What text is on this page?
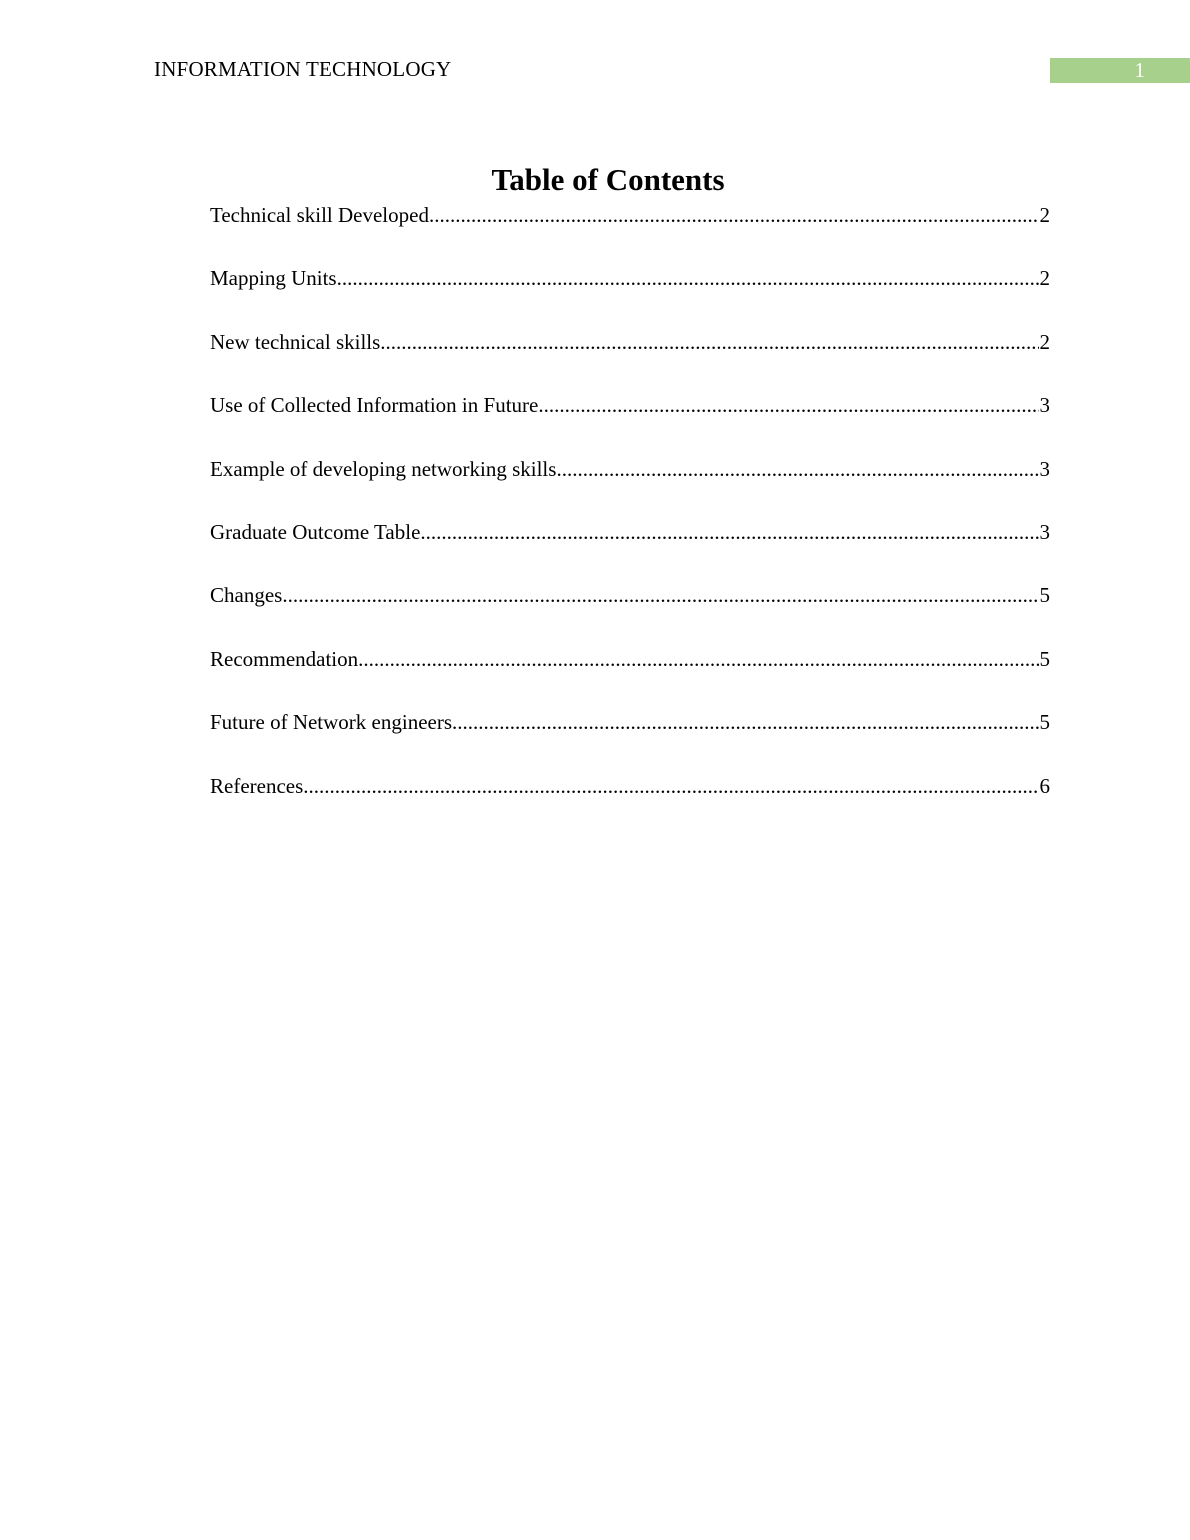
INFORMATION TECHNOLOGY	1
Table of Contents
Technical skill Developed .....	2
Mapping Units .....	2
New technical skills .....	2
Use of Collected Information in Future .....	3
Example of developing networking skills .....	3
Graduate Outcome Table .....	3
Changes .....	5
Recommendation .....	5
Future of Network engineers .....	5
References .....	6
